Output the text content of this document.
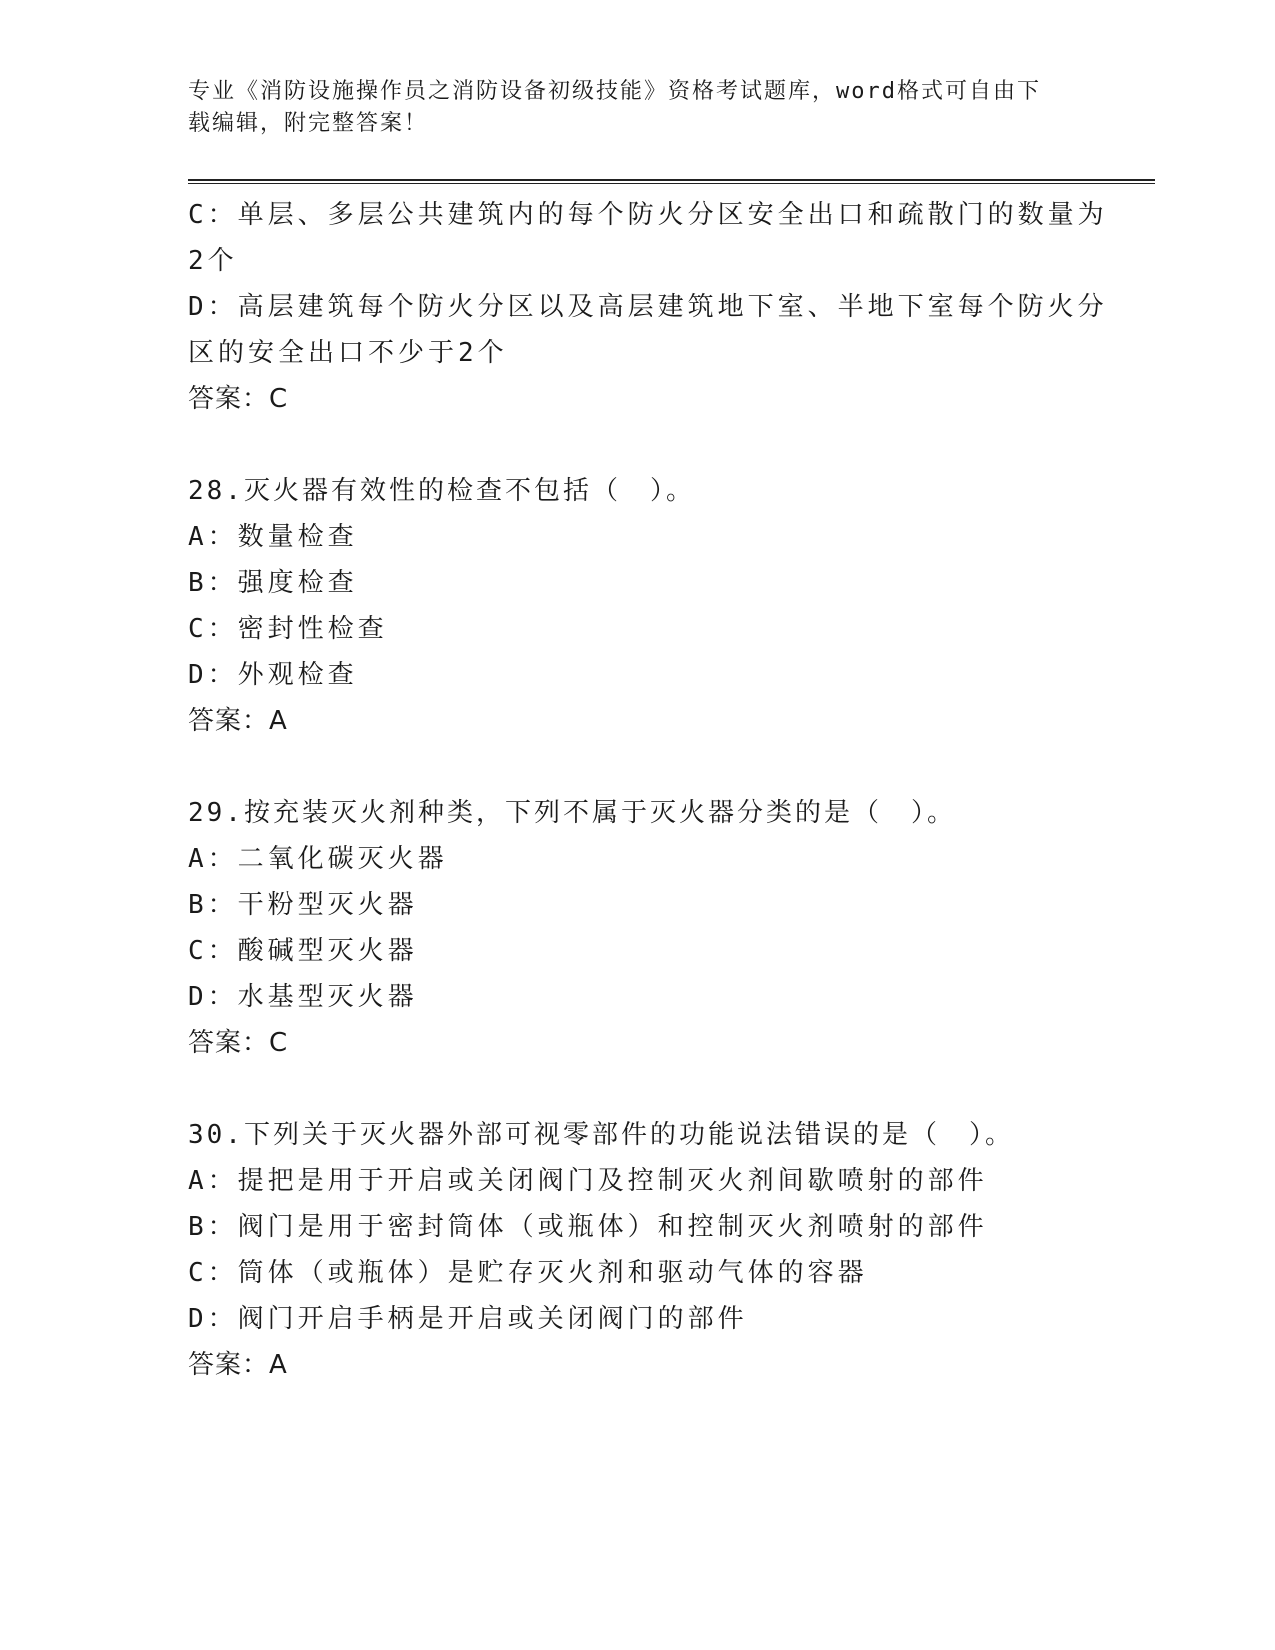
专业《消防设施操作员之消防设备初级技能》资格考试题库，word格式可自由下
载编辑，附完整答案！
C：单层、多层公共建筑内的每个防火分区安全出口和疏散门的数量为
2个
D：高层建筑每个防火分区以及高层建筑地下室、半地下室每个防火分
区的安全出口不少于2个
答案：C
28.灭火器有效性的检查不包括（　）。
A：数量检查
B：强度检查
C：密封性检查
D：外观检查
答案：A
29.按充装灭火剂种类，下列不属于灭火器分类的是（　）。
A：二氧化碳灭火器
B：干粉型灭火器
C：酸碱型灭火器
D：水基型灭火器
答案：C
30.下列关于灭火器外部可视零部件的功能说法错误的是（　）。
A：提把是用于开启或关闭阀门及控制灭火剂间歇喷射的部件
B：阀门是用于密封筒体（或瓶体）和控制灭火剂喷射的部件
C：筒体（或瓶体）是贮存灭火剂和驱动气体的容器
D：阀门开启手柄是开启或关闭阀门的部件
答案：A
